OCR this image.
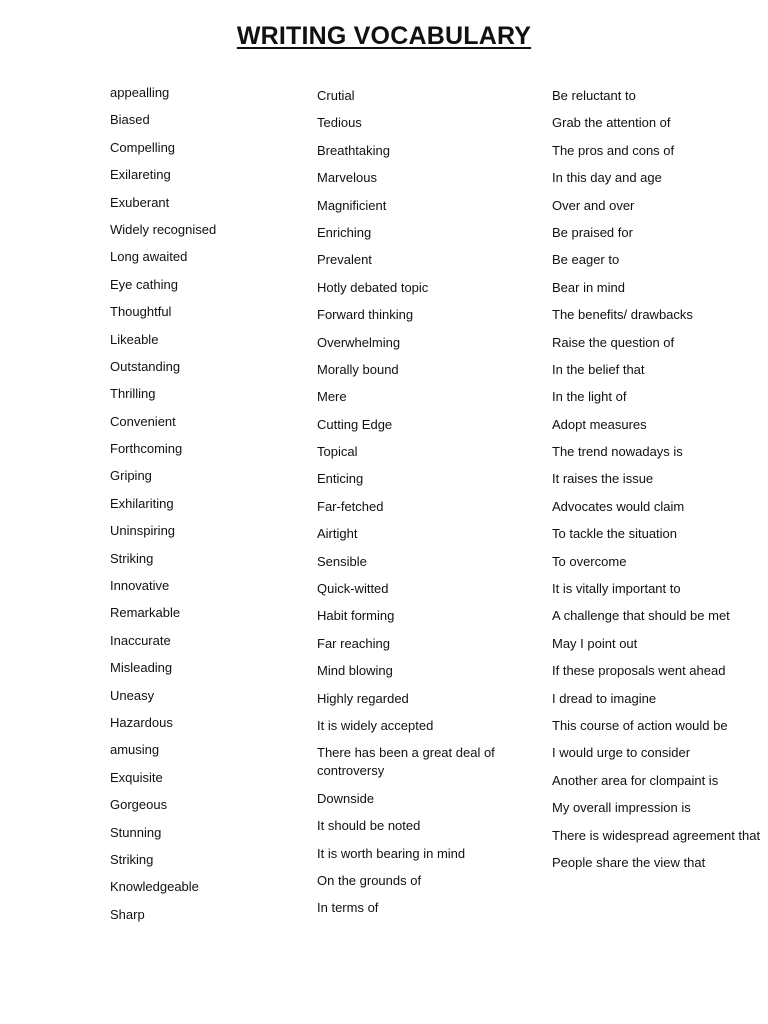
WRITING VOCABULARY
appealling
Biased
Compelling
Exilareting
Exuberant
Widely recognised
Long awaited
Eye cathing
Thoughtful
Likeable
Outstanding
Thrilling
Convenient
Forthcoming
Griping
Exhilariting
Uninspiring
Striking
Innovative
Remarkable
Inaccurate
Misleading
Uneasy
Hazardous
amusing
Exquisite
Gorgeous
Stunning
Striking
Knowledgeable
Sharp
Crutial
Tedious
Breathtaking
Marvelous
Magnificient
Enriching
Prevalent
Hotly debated topic
Forward thinking
Overwhelming
Morally bound
Mere
Cutting Edge
Topical
Enticing
Far-fetched
Airtight
Sensible
Quick-witted
Habit forming
Far reaching
Mind blowing
Highly regarded
It is widely accepted
There has been a great deal of controversy
Downside
It should be noted
It is worth bearing in mind
On the grounds of
In terms of
Be reluctant to
Grab the attention of
The pros and cons of
In this day and age
Over and over
Be praised for
Be eager to
Bear in mind
The benefits/ drawbacks
Raise the question of
In the belief that
In the light of
Adopt measures
The trend nowadays is
It raises the issue
Advocates would claim
To tackle the situation
To overcome
It is vitally important to
A challenge that should be met
May I point out
If these proposals went ahead
I dread to imagine
This course of action would be
I would urge to consider
Another area for clompaint is
My overall impression is
There is widespread agreement that
People share the view that
